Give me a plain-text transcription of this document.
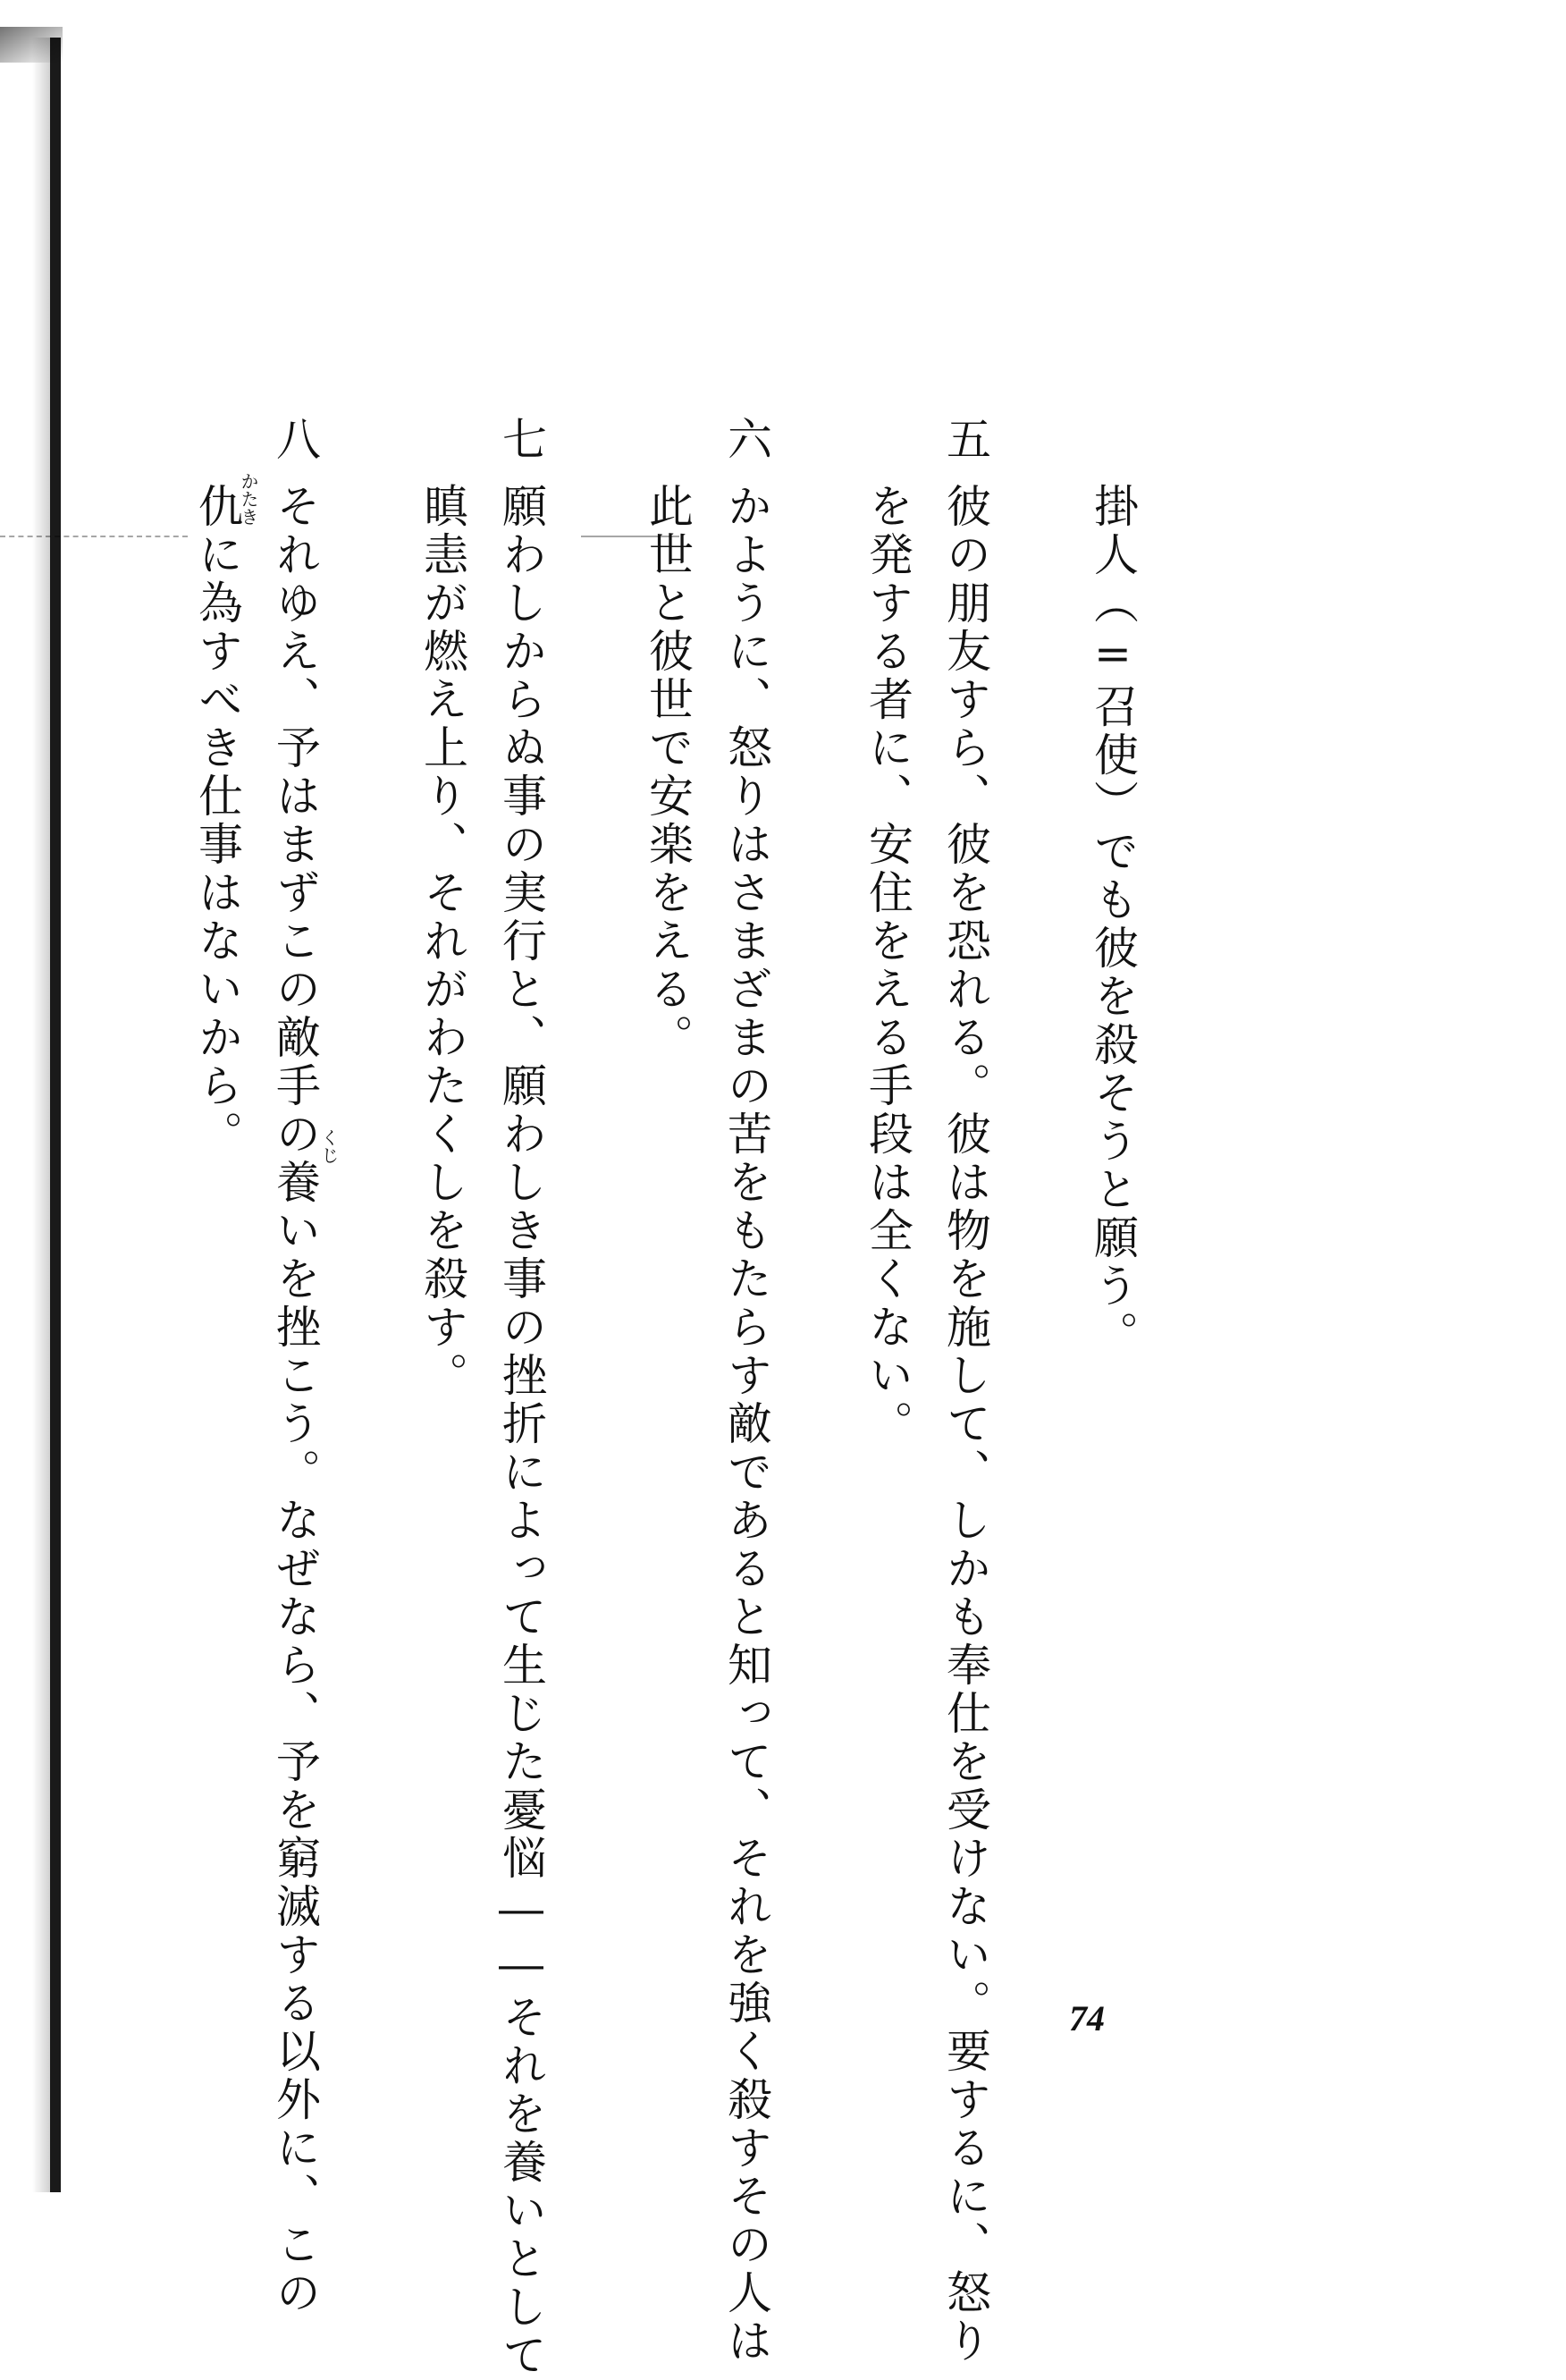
掛人（=召使）でも彼を殺そうと願う。
五
彼の朋友すら、彼を恐れる。彼は物を施して、しかも奉仕を受けない。要するに、怒り
を発する者に、安住をえる手段は全くない。
六
かように、怒りはさまざまの苦をもたらす敵であると知って、それを強く殺すその人は
此世と彼世で安楽をえる。
七
願わしからぬ事の実行と、願わしき事の挫折によって生じた憂悩――それを養いとして
瞋恚が燃え上り、それがわたくしを殺す。
八
それゆえ、予はまずこの敵手の養いを挫こう。なぜなら、予を窮滅する以外に、この
仇に為すべき仕事はないから。	くじ
かたき
74
